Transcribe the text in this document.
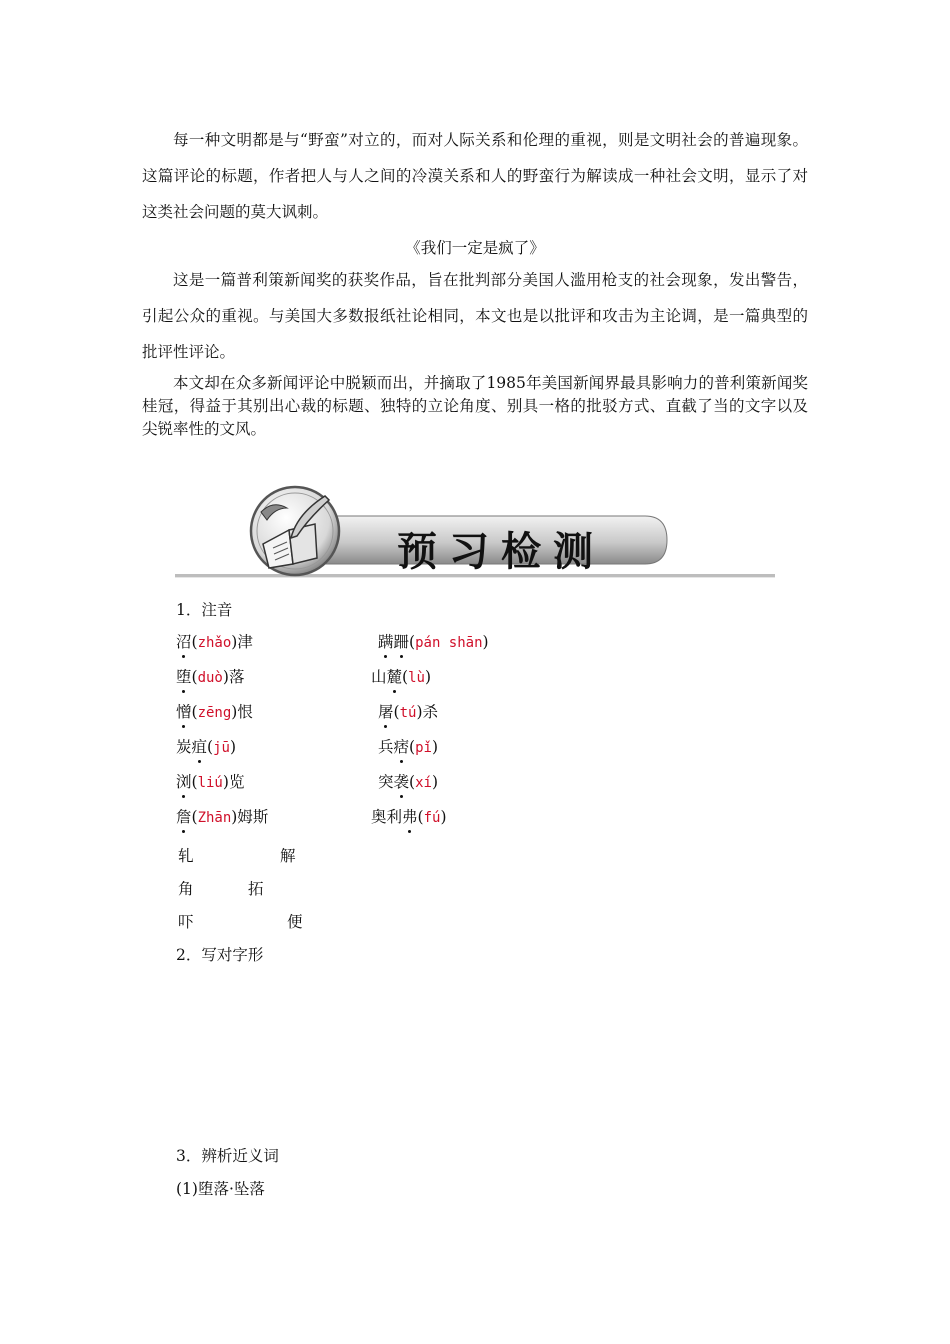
每一种文明都是与“野蛮”对立的，而对人际关系和伦理的重视，则是文明社会的普遍现象。这篇评论的标题，作者把人与人之间的冷漠关系和人的野蛮行为解读成一种社会文明，显示了对这类社会问题的莫大讽刺。

《我们一定是疯了》

这是一篇普利策新闻奖的获奖作品，旨在批判部分美国人滥用枪支的社会现象，发出警告，引起公众的重视。与美国大多数报纸社论相同，本文也是以批评和攻击为主论调，是一篇典型的批评性评论。

本文却在众多新闻评论中脱颖而出，并摘取了1985年美国新闻界最具影响力的普利策新闻奖桂冠，得益于其别出心裁的标题、独特的立论角度、别具一格的批驳方式、直截了当的文字以及尖锐率性的文风。

预习检测
1．注音
沼(zhǎo)津	蹒跚(pán shān)
堕(duò)落	山麓(lù)
憎(zēng)恨	屠(tú)杀
炭疽(jū)	兵痞(pǐ)
浏(liú)览	突袭(xí)
詹(Zhān)姆斯	奥利弗(fú)
轧	解
角	拓
吓	便
2．写对字形
3．辨析近义词
(1)堕落·坠落
